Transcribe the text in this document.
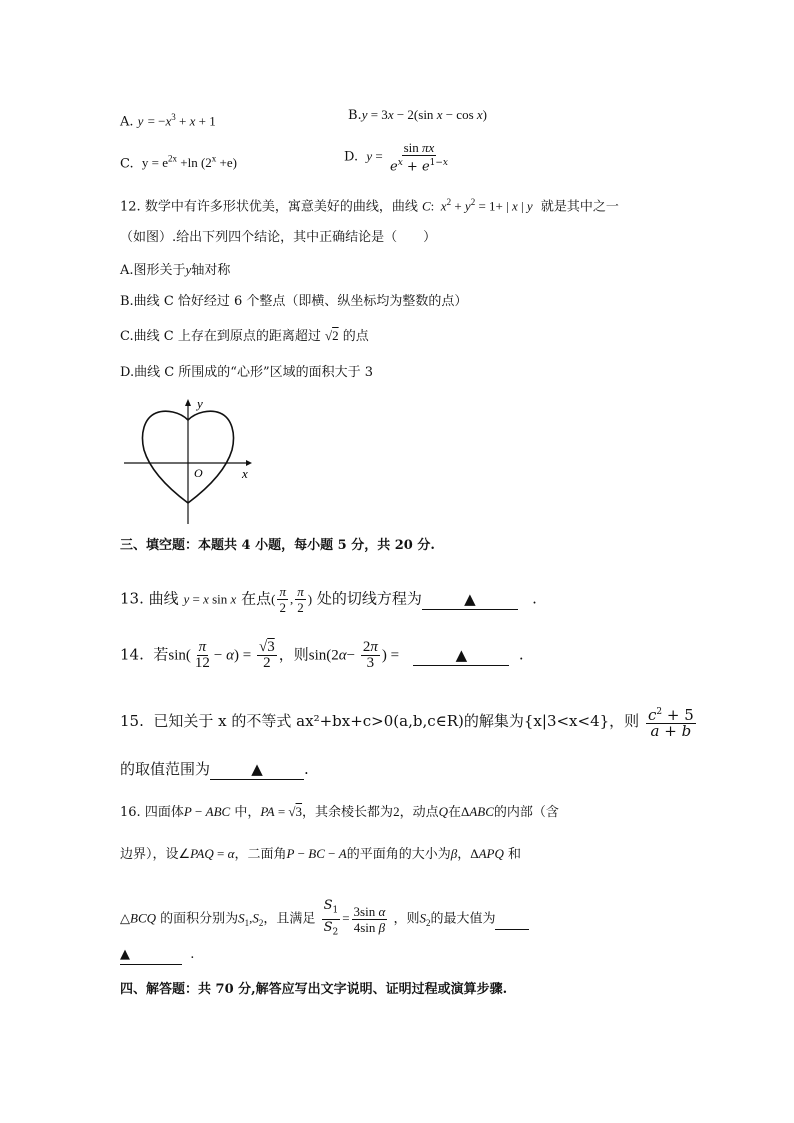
A. $y = -x^3 + x + 1$	B.y = 3x − 2(sin x − cos x)
C. $y = e^{2x} +\ln$ $(2^x +e)$	D. $y = \frac{\text{sin πx}}{e^x + e^{1-x}}$
12. 数学中有许多形状优美，寓意美好的曲线，曲线 C:  $x^2 + y^2 = 1+$ | x | y 就是其中之一
（如图）.给出下列四个结论，其中正确结论是（　　）
A.图形关于y轴对称
B.曲线 C 恰好经过 6 个整点（即横、纵坐标均为整数的点）
C.曲线 C 上存在到原点的距离超过 √2 的点
D.曲线 C 所围成的“心形”区域的面积大于 3
y
x
O
三、填空题：本题共 4 小题，每小题 5 分，共 20 分.
13. 曲线 y = x sin x 在点( $\frac{\pi}{2}$ , $\frac{\pi}{2}$ ) 处的切线方程为	▲	.
14. 若$\sin( \frac{\pi}{12} - \alpha) = \frac{√3}{2}$ ，则$\sin(2\alpha- \frac{2\pi}{3}$ ) =	▲	.
15. 已知关于 x 的不等式 ax²+bx+c>0(a,b,c∈R)的解集为{x|3<x<4}，则 $\frac{c^2 + 5}{a + b}$
的取值范围为	▲	.
16. 四面体P − ABC 中，PA = √3，其余棱长都为2，动点Q在ΔABC的内部（含
边界），设∠PAQ = α，二面角P − BC − A的平面角的大小为β，ΔAPQ 和
△BCQ 的面积分别为$S_1,S_2$，且满足 $\frac{S_1}{S_2} = \frac{\text{3sin α}}{\text{4sin β}}$ ，则$S_2$的最大值为
▲	.
四、解答题：共 70 分,解答应写出文字说明、证明过程或演算步骤.
